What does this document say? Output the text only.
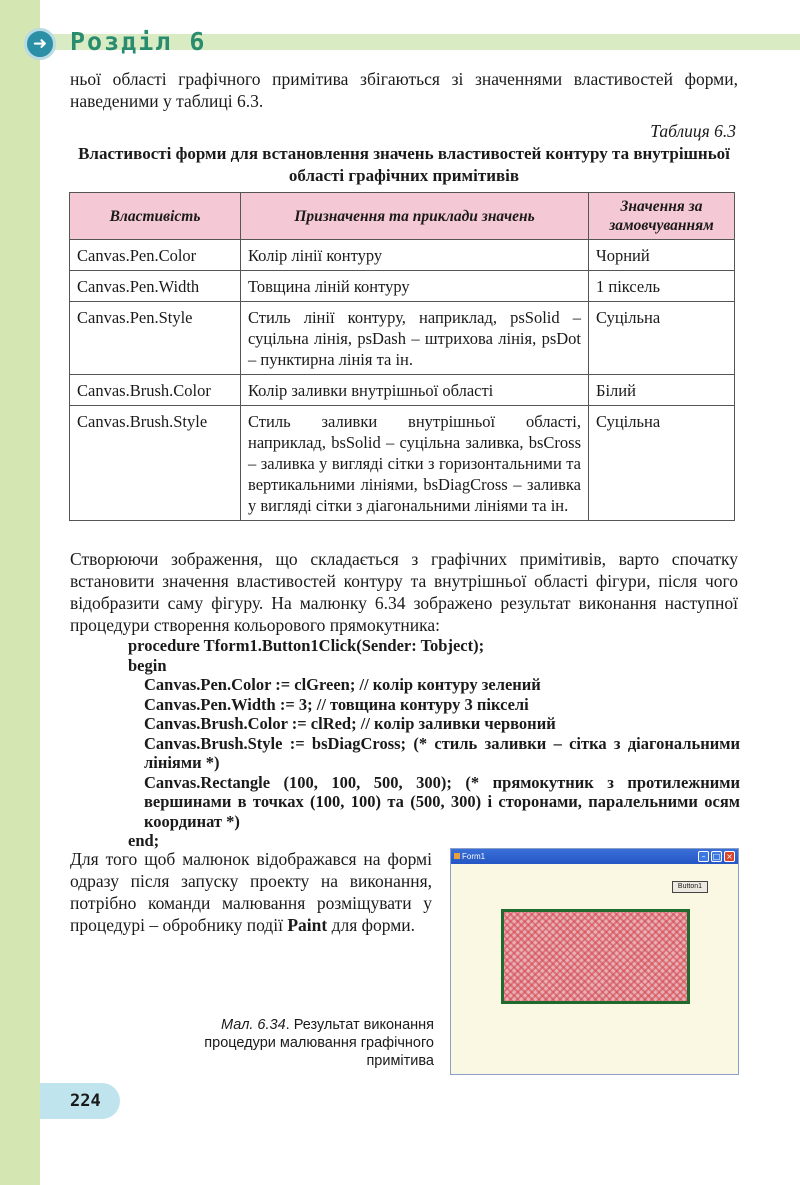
➜ Розділ 6

ньої області графічного примітива збігаються зі значеннями властивостей форми, наведеними у таблиці 6.3.

Таблиця 6.3
Властивості форми для встановлення значень властивостей контуру та внутрішньої області графічних примітивів
Властивість	Призначення та приклади значень	Значення за замовчуванням
Canvas.Pen.Color	Колір лінії контуру	Чорний
Canvas.Pen.Width	Товщина ліній контуру	1 піксель
Canvas.Pen.Style	Стиль лінії контуру, наприклад, psSolid – суцільна лінія, psDash – штрихова лінія, psDot – пунктирна лінія та ін.	Суцільна
Canvas.Brush.Color	Колір заливки внутрішньої області	Білий
Canvas.Brush.Style	Стиль заливки внутрішньої області, наприклад, bsSolid – суцільна заливка, bsCross – заливка у вигляді сітки з горизонтальними та вертикальними лініями, bsDiagCross – заливка у вигляді сітки з діагональними лініями та ін.	Суцільна

Створюючи зображення, що складається з графічних примітивів, варто спочатку встановити значення властивостей контуру та внутрішньої області фігури, після чого відобразити саму фігуру. На малюнку 6.34 зображено результат виконання наступної процедури створення кольорового прямокутника:

procedure Tform1.Button1Click(Sender: Tobject);
begin
Canvas.Pen.Color := clGreen; // колір контуру зелений
Canvas.Pen.Width := 3; // товщина контуру 3 пікселі
Canvas.Brush.Color := clRed; // колір заливки червоний
Canvas.Brush.Style := bsDiagCross; (* стиль заливки – сітка з діагональними лініями *)
Canvas.Rectangle (100, 100, 500, 300); (* прямокутник з протилежними вершинами в точках (100, 100) та (500, 300) і сторонами, паралельними осям координат *)
end;

Для того щоб малюнок відображався на формі одразу після запуску проекту на виконання, потрібно команди малювання розміщувати у процедурі – обробнику події Paint для форми.

Мал. 6.34. Результат виконання процедури малювання графічного примітива
Form1	– □ ×
Button1
224
